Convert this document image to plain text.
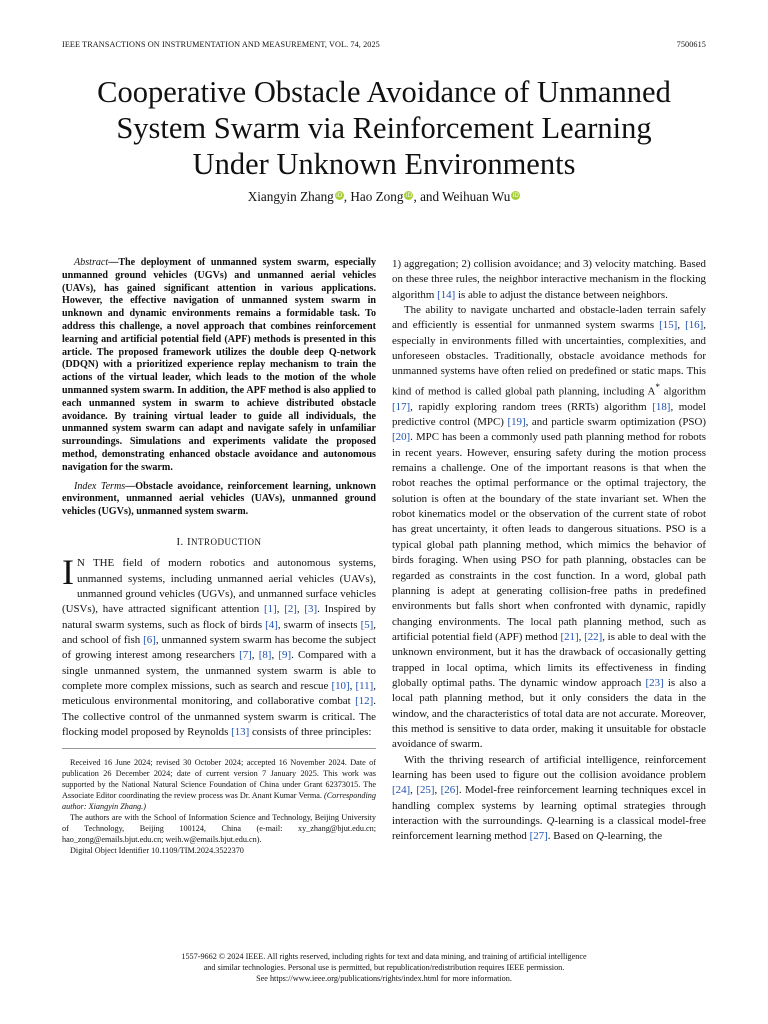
IEEE TRANSACTIONS ON INSTRUMENTATION AND MEASUREMENT, VOL. 74, 2025	7500615
Cooperative Obstacle Avoidance of Unmanned
System Swarm via Reinforcement Learning
Under Unknown Environments
Xiangyin Zhang iD, Hao Zong iD, and Weihuan Wu iD

Abstract—The deployment of unmanned system swarm, especially unmanned ground vehicles (UGVs) and unmanned aerial vehicles (UAVs), has gained significant attention in various applications. However, the effective navigation of unmanned system swarm in unknown and dynamic environments remains a formidable task. To address this challenge, a novel approach that combines reinforcement learning and artificial potential field (APF) methods is presented in this article. The proposed framework utilizes the double deep Q-network (DDQN) with a prioritized experience replay mechanism to train the actions of the virtual leader, which leads to the motion of the whole unmanned system swarm. In addition, the APF method is also applied to each unmanned system in swarm to achieve distributed obstacle avoidance. By training virtual leader to guide all individuals, the unmanned system swarm can adapt and navigate safely in unfamiliar surroundings. Simulations and experiments validate the proposed method, demonstrating enhanced obstacle avoidance and autonomous navigation for the swarm.

Index Terms—Obstacle avoidance, reinforcement learning, unknown environment, unmanned aerial vehicles (UAVs), unmanned ground vehicles (UGVs), unmanned system swarm.

I. INTRODUCTION

I N THE field of modern robotics and autonomous systems, unmanned systems, including unmanned aerial vehicles (UAVs), unmanned ground vehicles (UGVs), and unmanned surface vehicles (USVs), have attracted significant attention [1], [2], [3]. Inspired by natural swarm systems, such as flock of birds [4], swarm of insects [5], and school of fish [6], unmanned system swarm has become the subject of growing interest among researchers [7], [8], [9]. Compared with a single unmanned system, the unmanned system swarm is able to complete more complex missions, such as search and rescue [10], [11], meticulous environmental monitoring, and collaborative combat [12]. The collective control of the unmanned system swarm is critical. The flocking model proposed by Reynolds [13] consists of three principles:

Received 16 June 2024; revised 30 October 2024; accepted 16 November 2024. Date of publication 26 December 2024; date of current version 7 January 2025. This work was supported by the National Natural Science Foundation of China under Grant 62373015. The Associate Editor coordinating the review process was Dr. Anant Kumar Verma. (Corresponding author: Xiangyin Zhang.)

The authors are with the School of Information Science and Technology, Beijing University of Technology, Beijing 100124, China (e-mail: xy_zhang@bjut.edu.cn; hao_zong@emails.bjut.edu.cn; weih.w@emails.bjut.edu.cn).

Digital Object Identifier 10.1109/TIM.2024.3522370

1) aggregation; 2) collision avoidance; and 3) velocity matching. Based on these three rules, the neighbor interactive mechanism in the flocking algorithm [14] is able to adjust the distance between neighbors.

The ability to navigate uncharted and obstacle-laden terrain safely and efficiently is essential for unmanned system swarms [15], [16], especially in environments filled with uncertainties, complexities, and unforeseen obstacles. Traditionally, obstacle avoidance methods for unmanned systems have often relied on predefined or static maps. This kind of method is called global path planning, including A* algorithm [17], rapidly exploring random trees (RRTs) algorithm [18], model predictive control (MPC) [19], and particle swarm optimization (PSO) [20]. MPC has been a commonly used path planning method for robots in recent years. However, ensuring safety during the motion process remains a challenge. One of the important reasons is that when the robot reaches the optimal performance or the optimal trajectory, the solution is often at the boundary of the state invariant set. When the robot kinematics model or the observation of the current state of robot has great uncertainty, it often leads to dangerous situations. PSO is a typical global path planning method, which mimics the behavior of birds foraging. When using PSO for path planning, obstacles can be regarded as constraints in the cost function. In a word, global path planning is adept at generating collision-free paths in predefined environments but falls short when confronted with dynamic, rapidly changing environments. The local path planning method, such as artificial potential field (APF) method [21], [22], is able to deal with the unknown environment, but it has the drawback of occasionally getting trapped in local optima, which limits its effectiveness in finding globally optimal paths. The dynamic window approach [23] is also a local path planning method, but it only considers the data in the window, and the characteristics of total data are not accurate. Moreover, this method is sensitive to data order, making it unsuitable for obstacle avoidance of swarm.

With the thriving research of artificial intelligence, reinforcement learning has been used to figure out the collision avoidance problem [24], [25], [26]. Model-free reinforcement learning techniques excel in handling complex systems by learning optimal strategies through interaction with the surroundings. Q-learning is a classical model-free reinforcement learning method [27]. Based on Q-learning, the

1557-9662 © 2024 IEEE. All rights reserved, including rights for text and data mining, and training of artificial intelligence
and similar technologies. Personal use is permitted, but republication/redistribution requires IEEE permission.
See https://www.ieee.org/publications/rights/index.html for more information.
